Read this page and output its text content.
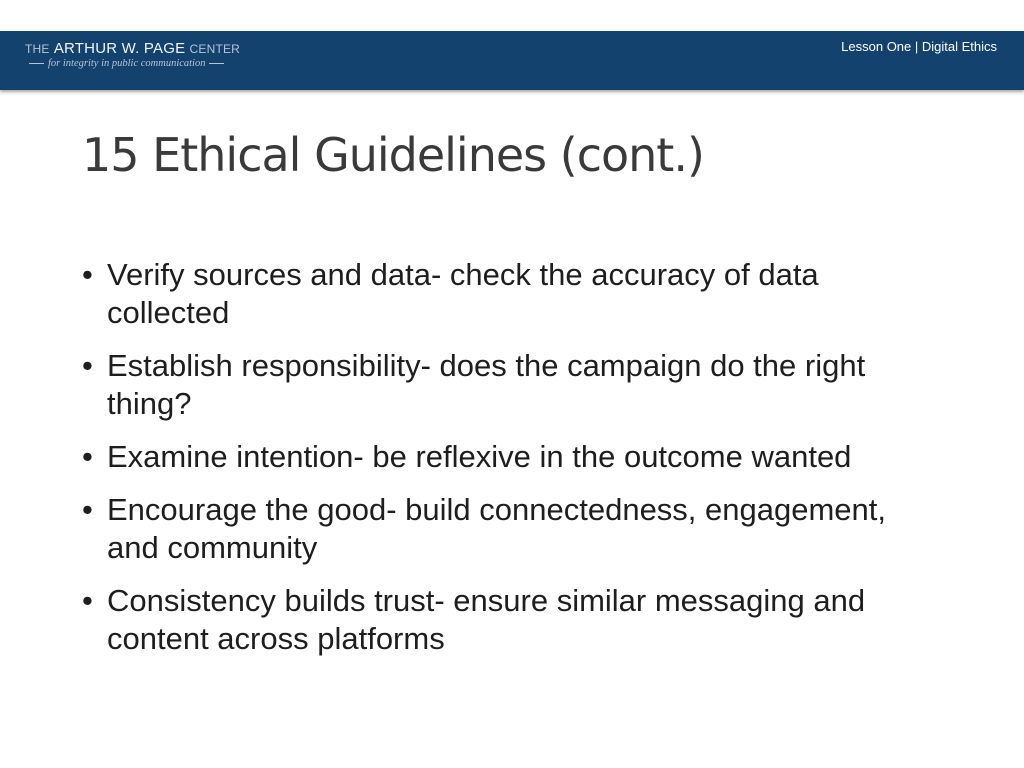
THE ARTHUR W. PAGE CENTER
for integrity in public communication
Lesson One | Digital Ethics
15 Ethical Guidelines (cont.)
• Verify sources and data- check the accuracy of data collected
• Establish responsibility- does the campaign do the right thing?
• Examine intention- be reflexive in the outcome wanted
• Encourage the good- build connectedness, engagement, and community
• Consistency builds trust- ensure similar messaging and content across platforms
